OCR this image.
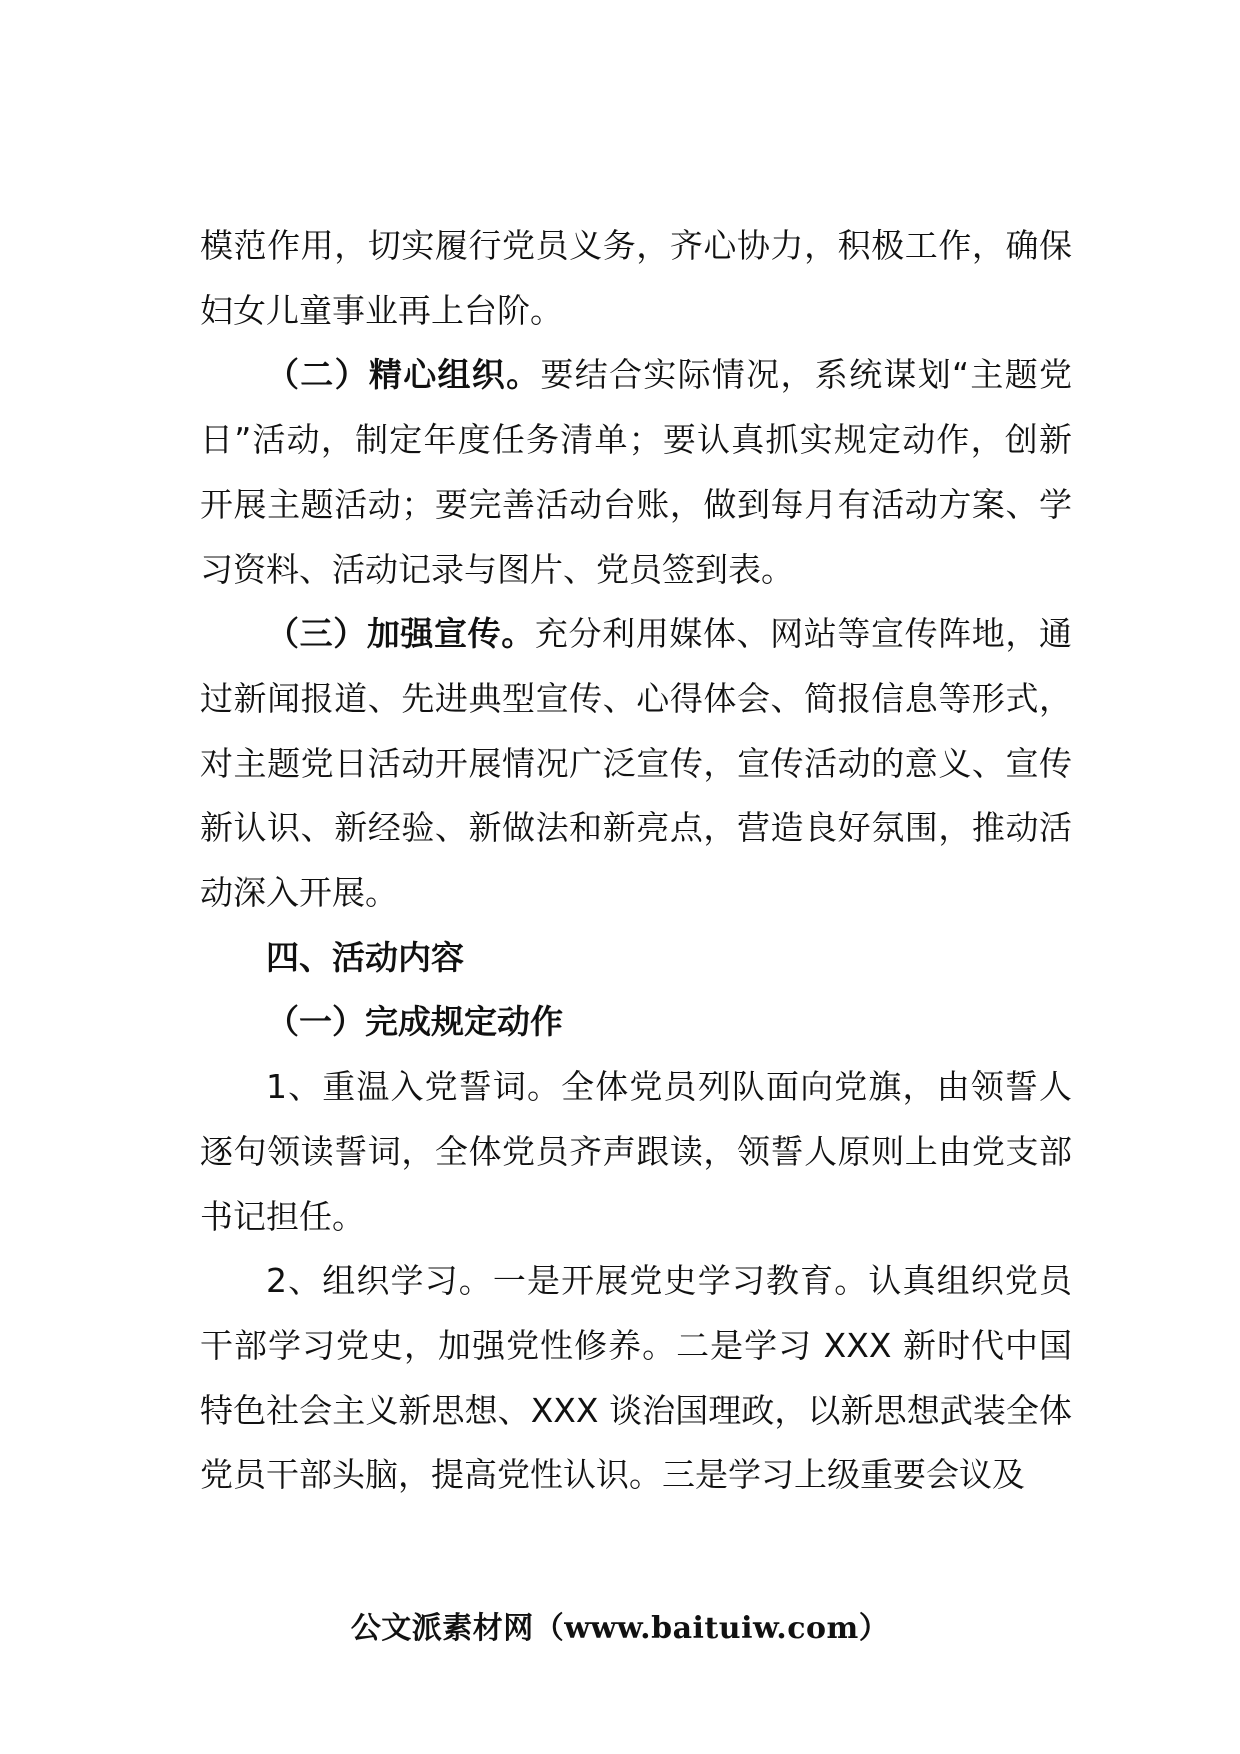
模范作用，切实履行党员义务，齐心协力，积极工作，确保妇女儿童事业再上台阶。

（二）精心组织。要结合实际情况，系统谋划“主题党日”活动，制定年度任务清单；要认真抓实规定动作，创新开展主题活动；要完善活动台账，做到每月有活动方案、学习资料、活动记录与图片、党员签到表。

（三）加强宣传。充分利用媒体、网站等宣传阵地，通过新闻报道、先进典型宣传、心得体会、简报信息等形式，对主题党日活动开展情况广泛宣传，宣传活动的意义、宣传新认识、新经验、新做法和新亮点，营造良好氛围，推动活动深入开展。

四、活动内容

（一）完成规定动作

1、重温入党誓词。全体党员列队面向党旗，由领誓人逐句领读誓词，全体党员齐声跟读，领誓人原则上由党支部书记担任。

2、组织学习。一是开展党史学习教育。认真组织党员干部学习党史，加强党性修养。二是学习 XXX 新时代中国特色社会主义新思想、XXX 谈治国理政，以新思想武装全体党员干部头脑，提高党性认识。三是学习上级重要会议及

公文派素材网（www.baituiw.com）
